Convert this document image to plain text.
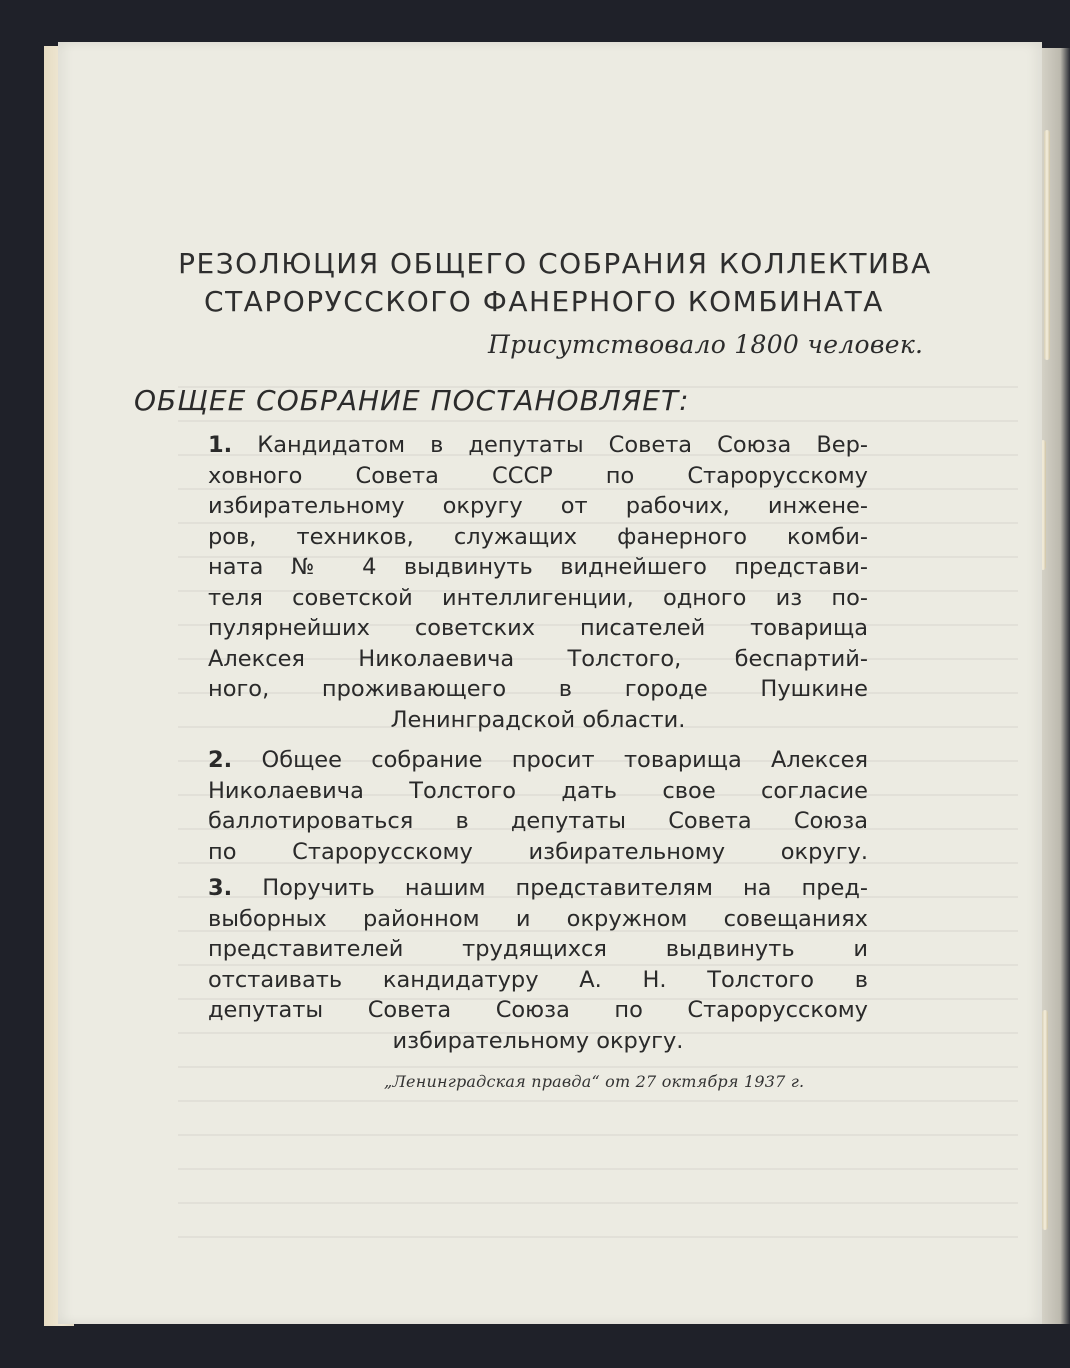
РЕЗОЛЮЦИЯ ОБЩЕГО СОБРАНИЯ КОЛЛЕКТИВА
СТАРОРУССКОГО ФАНЕРНОГО КОМБИНАТА
Присутствовало 1800 человек.
ОБЩЕЕ СОБРАНИЕ ПОСТАНОВЛЯЕТ:
1. Кандидатом в депутаты Совета Союза Вер-
ховного Совета СССР по Старорусскому
избирательному округу от рабочих, инжене-
ров, техников, служащих фанерного комби-
ната № 4 выдвинуть виднейшего представи-
теля советской интеллигенции, одного из по-
пулярнейших советских писателей товарища
Алексея Николаевича Толстого, беспартий-
ного, проживающего в городе Пушкине
Ленинградской области.
2. Общее собрание просит товарища Алексея
Николаевича Толстого дать свое согласие
баллотироваться в депутаты Совета Союза
по Старорусскому избирательному округу.
3. Поручить нашим представителям на пред-
выборных районном и окружном совещаниях
представителей трудящихся выдвинуть и
отстаивать кандидатуру А. Н. Толстого в
депутаты Совета Союза по Старорусскому
избирательному округу.
„Ленинградская правда“ от 27 октября 1937 г.
